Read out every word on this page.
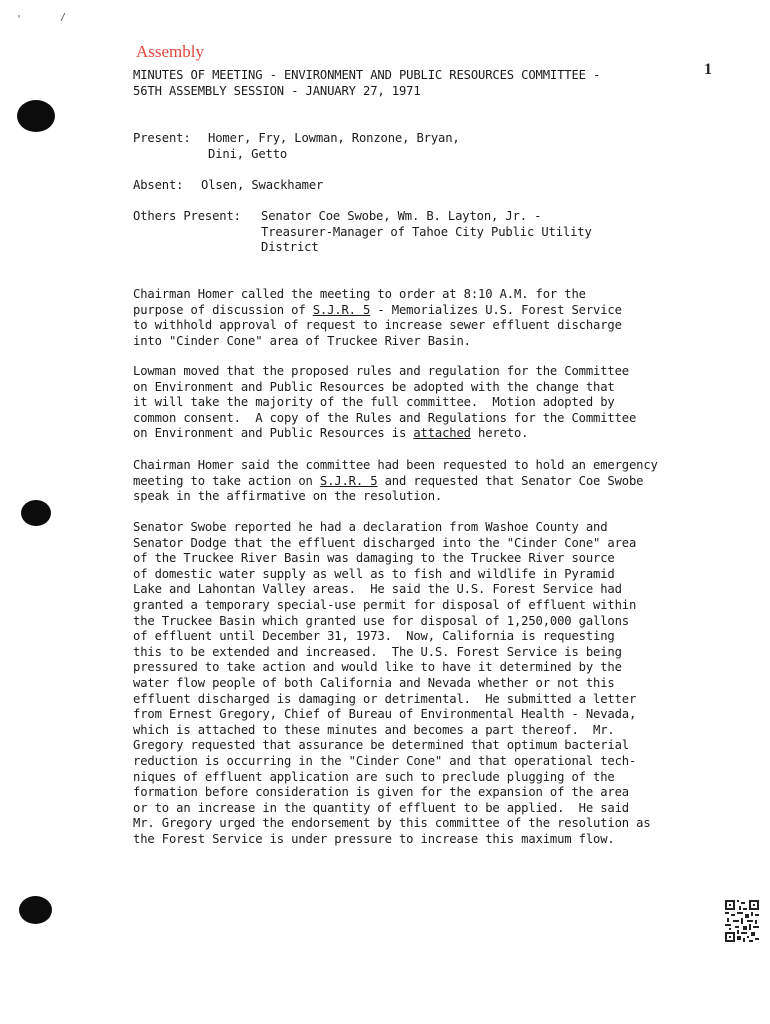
Assembly
1
'	/
MINUTES OF MEETING - ENVIRONMENT AND PUBLIC RESOURCES COMMITTEE -
56TH ASSEMBLY SESSION - JANUARY 27, 1971
Present: Homer, Fry, Lowman, Ronzone, Bryan,
Dini, Getto
Absent: Olsen, Swackhamer
Others Present: Senator Coe Swobe, Wm. B. Layton, Jr. -
Treasurer-Manager of Tahoe City Public Utility
District
Chairman Homer called the meeting to order at 8:10 A.M. for the
purpose of discussion of S.J.R. 5 - Memorializes U.S. Forest Service
to withhold approval of request to increase sewer effluent discharge
into "Cinder Cone" area of Truckee River Basin.
Lowman moved that the proposed rules and regulation for the Committee
on Environment and Public Resources be adopted with the change that
it will take the majority of the full committee.  Motion adopted by
common consent.  A copy of the Rules and Regulations for the Committee
on Environment and Public Resources is attached hereto.
Chairman Homer said the committee had been requested to hold an emergency
meeting to take action on S.J.R. 5 and requested that Senator Coe Swobe
speak in the affirmative on the resolution.
Senator Swobe reported he had a declaration from Washoe County and
Senator Dodge that the effluent discharged into the "Cinder Cone" area
of the Truckee River Basin was damaging to the Truckee River source
of domestic water supply as well as to fish and wildlife in Pyramid
Lake and Lahontan Valley areas.  He said the U.S. Forest Service had
granted a temporary special-use permit for disposal of effluent within
the Truckee Basin which granted use for disposal of 1,250,000 gallons
of effluent until December 31, 1973.  Now, California is requesting
this to be extended and increased.  The U.S. Forest Service is being
pressured to take action and would like to have it determined by the
water flow people of both California and Nevada whether or not this
effluent discharged is damaging or detrimental.  He submitted a letter
from Ernest Gregory, Chief of Bureau of Environmental Health - Nevada,
which is attached to these minutes and becomes a part thereof.  Mr.
Gregory requested that assurance be determined that optimum bacterial
reduction is occurring in the "Cinder Cone" and that operational tech-
niques of effluent application are such to preclude plugging of the
formation before consideration is given for the expansion of the area
or to an increase in the quantity of effluent to be applied.  He said
Mr. Gregory urged the endorsement by this committee of the resolution as
the Forest Service is under pressure to increase this maximum flow.
